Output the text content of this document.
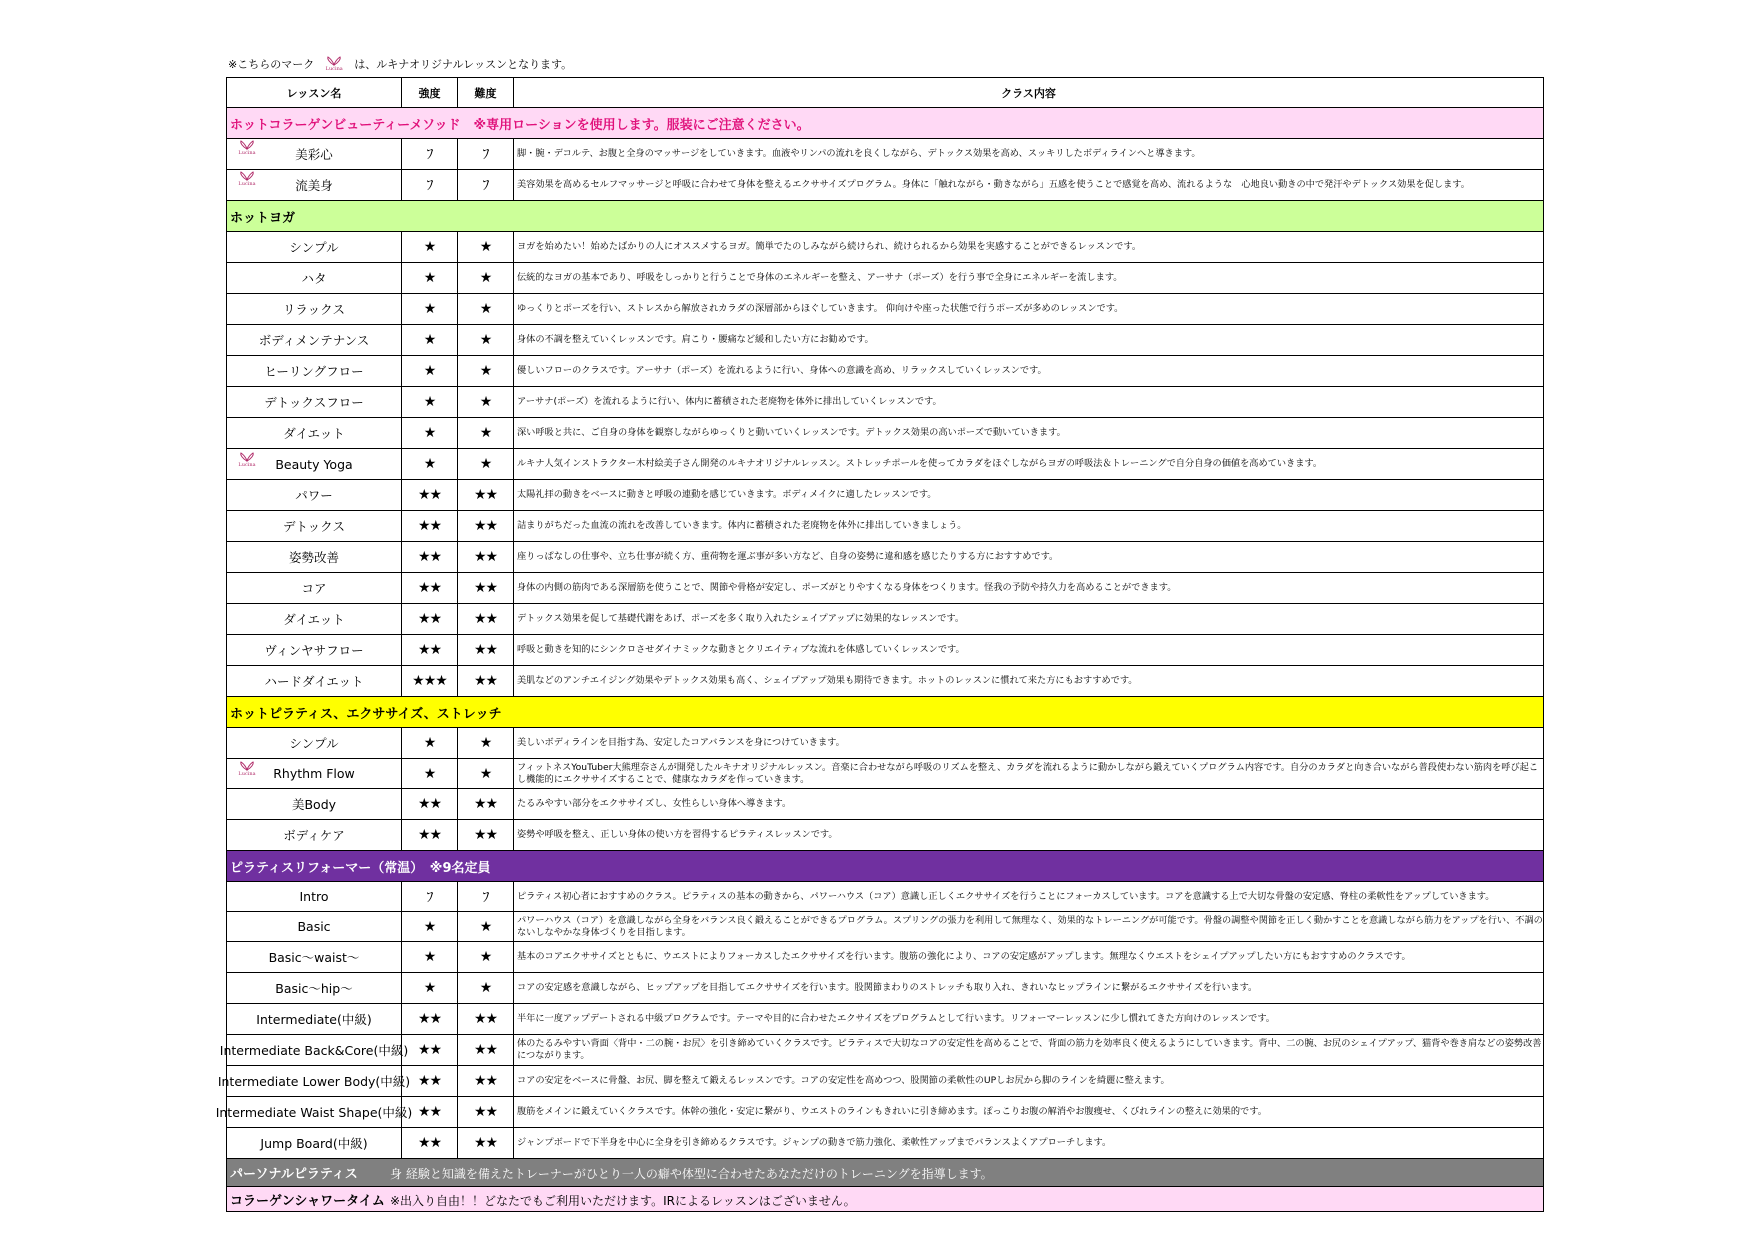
※こちらのマーク Lucina は、ルキナオリジナルレッスンとなります。
レッスン名	強度	難度	クラス内容
ホットコラーゲンビューティーメソッド　※専用ローションを使用します。服装にご注意ください。			

Lucina 美彩心	ﾌ	ﾌ	脚・腕・デコルテ、お腹と全身のマッサージをしていきます。血液やリンパの流れを良くしながら、デトックス効果を高め、スッキリしたボディラインへと導きます。

Lucina 流美身	ﾌ	ﾌ	美容効果を高めるセルフマッサージと呼吸に合わせて身体を整えるエクササイズプログラム。身体に「触れながら・動きながら」五感を使うことで感覚を高め、流れるような　心地良い動きの中で発汗やデトックス効果を促します。
ホットヨガ			

シンプル	★	★	ヨガを始めたい！始めたばかりの人にオススメするヨガ。簡単でたのしみながら続けられ、続けられるから効果を実感することができるレッスンです。

ハタ	★	★	伝統的なヨガの基本であり、呼吸をしっかりと行うことで身体のエネルギーを整え、アーサナ（ポーズ）を行う事で全身にエネルギーを流します。

リラックス	★	★	ゆっくりとポーズを行い、ストレスから解放されカラダの深層部からほぐしていきます。 仰向けや座った状態で行うポーズが多めのレッスンです。

ボディメンテナンス	★	★	身体の不調を整えていくレッスンです。肩こり・腰痛など緩和したい方にお勧めです。

ヒーリングフロー	★	★	優しいフローのクラスです。アーサナ（ポーズ）を流れるように行い、身体への意識を高め、リラックスしていくレッスンです。

デトックスフロー	★	★	アーサナ(ポーズ）を流れるように行い、体内に蓄積された老廃物を体外に排出していくレッスンです。

ダイエット	★	★	深い呼吸と共に、ご自身の身体を観察しながらゆっくりと動いていくレッスンです。デトックス効果の高いポーズで動いていきます。

Lucina Beauty Yoga	★	★	ルキナ人気インストラクター木村絵美子さん開発のルキナオリジナルレッスン。ストレッチポールを使ってカラダをほぐしながらヨガの呼吸法＆トレーニングで自分自身の価値を高めていきます。

パワー	★★	★★	太陽礼拝の動きをベースに動きと呼吸の連動を感じていきます。ボディメイクに適したレッスンです。

デトックス	★★	★★	詰まりがちだった血流の流れを改善していきます。体内に蓄積された老廃物を体外に排出していきましょう。

姿勢改善	★★	★★	座りっぱなしの仕事や、立ち仕事が続く方、重荷物を運ぶ事が多い方など、自身の姿勢に違和感を感じたりする方におすすめです。

コア	★★	★★	身体の内側の筋肉である深層筋を使うことで、関節や骨格が安定し、ポーズがとりやすくなる身体をつくります。怪我の予防や持久力を高めることができます。

ダイエット	★★	★★	デトックス効果を促して基礎代謝をあげ、ポーズを多く取り入れたシェイプアップに効果的なレッスンです。

ヴィンヤサフロー	★★	★★	呼吸と動きを知的にシンクロさせダイナミックな動きとクリエイティブな流れを体感していくレッスンです。

ハードダイエット	★★★	★★	美肌などのアンチエイジング効果やデトックス効果も高く、シェイプアップ効果も期待できます。ホットのレッスンに慣れて来た方にもおすすめです。
ホットピラティス、エクササイズ、ストレッチ			

シンプル	★	★	美しいボディラインを目指す為、安定したコアバランスを身につけていきます。

Lucina Rhythm Flow	★	★	フィットネスYouTuber大熊理奈さんが開発したルキナオリジナルレッスン。音楽に合わせながら呼吸のリズムを整え、カラダを流れるように動かしながら鍛えていくプログラム内容です。自分のカラダと向き合いながら普段使わない筋肉を呼び起こし機能的にエクササイズすることで、健康なカラダを作っていきます。

美Body	★★	★★	たるみやすい部分をエクササイズし、女性らしい身体へ導きます。

ボディケア	★★	★★	姿勢や呼吸を整え、正しい身体の使い方を習得するピラティスレッスンです。
ピラティスリフォーマー（常温）　※9名定員			

Intro	ﾌ	ﾌ	ピラティス初心者におすすめのクラス。ピラティスの基本の動きから、パワーハウス（コア）意識し正しくエクササイズを行うことにフォーカスしています。コアを意識する上で大切な骨盤の安定感、脊柱の柔軟性をアップしていきます。

Basic	★	★	パワーハウス（コア）を意識しながら全身をバランス良く鍛えることができるプログラム。スプリングの張力を利用して無理なく、効果的なトレーニングが可能です。骨盤の調整や関節を正しく動かすことを意識しながら筋力をアップを行い、不調のないしなやかな身体づくりを目指します。

Basic～waist～	★	★	基本のコアエクササイズとともに、ウエストによりフォーカスしたエクササイズを行います。腹筋の強化により、コアの安定感がアップします。無理なくウエストをシェイプアップしたい方にもおすすめのクラスです。

Basic～hip～	★	★	コアの安定感を意識しながら、ヒップアップを目指してエクササイズを行います。股関節まわりのストレッチも取り入れ、きれいなヒップラインに繋がるエクササイズを行います。

Intermediate(中級)	★★	★★	半年に一度アップデートされる中級プログラムです。テーマや目的に合わせたエクサイズをプログラムとして行います。リフォーマーレッスンに少し慣れてきた方向けのレッスンです。

Intermediate Back&Core(中級)	★★	★★	体のたるみやすい背面〈背中・二の腕・お尻〉を引き締めていくクラスです。ピラティスで大切なコアの安定性を高めることで、背面の筋力を効率良く使えるようにしていきます。背中、二の腕、お尻のシェイプアップ、猫背や巻き肩などの姿勢改善につながります。

Intermediate Lower Body(中級)	★★	★★	コアの安定をベースに骨盤、お尻、脚を整えて鍛えるレッスンです。コアの安定性を高めつつ、股関節の柔軟性のUPしお尻から脚のラインを綺麗に整えます。

Intermediate Waist Shape(中級)	★★	★★	腹筋をメインに鍛えていくクラスです。体幹の強化・安定に繋がり、ウエストのラインもきれいに引き締めます。ぽっこりお腹の解消やお腹痩せ、くびれラインの整えに効果的です。

Jump Board(中級)	★★	★★	ジャンプボードで下半身を中心に全身を引き締めるクラスです。ジャンプの動きで筋力強化、柔軟性アップまでバランスよくアプローチします。
パーソナルピラティス 身 経験と知識を備えたトレーナーがひとり一人の癖や体型に合わせたあなただけのトレーニングを指導します。			
コラーゲンシャワータイム ※出入り自由！！どなたでもご利用いただけます。IRによるレッスンはございません。			
